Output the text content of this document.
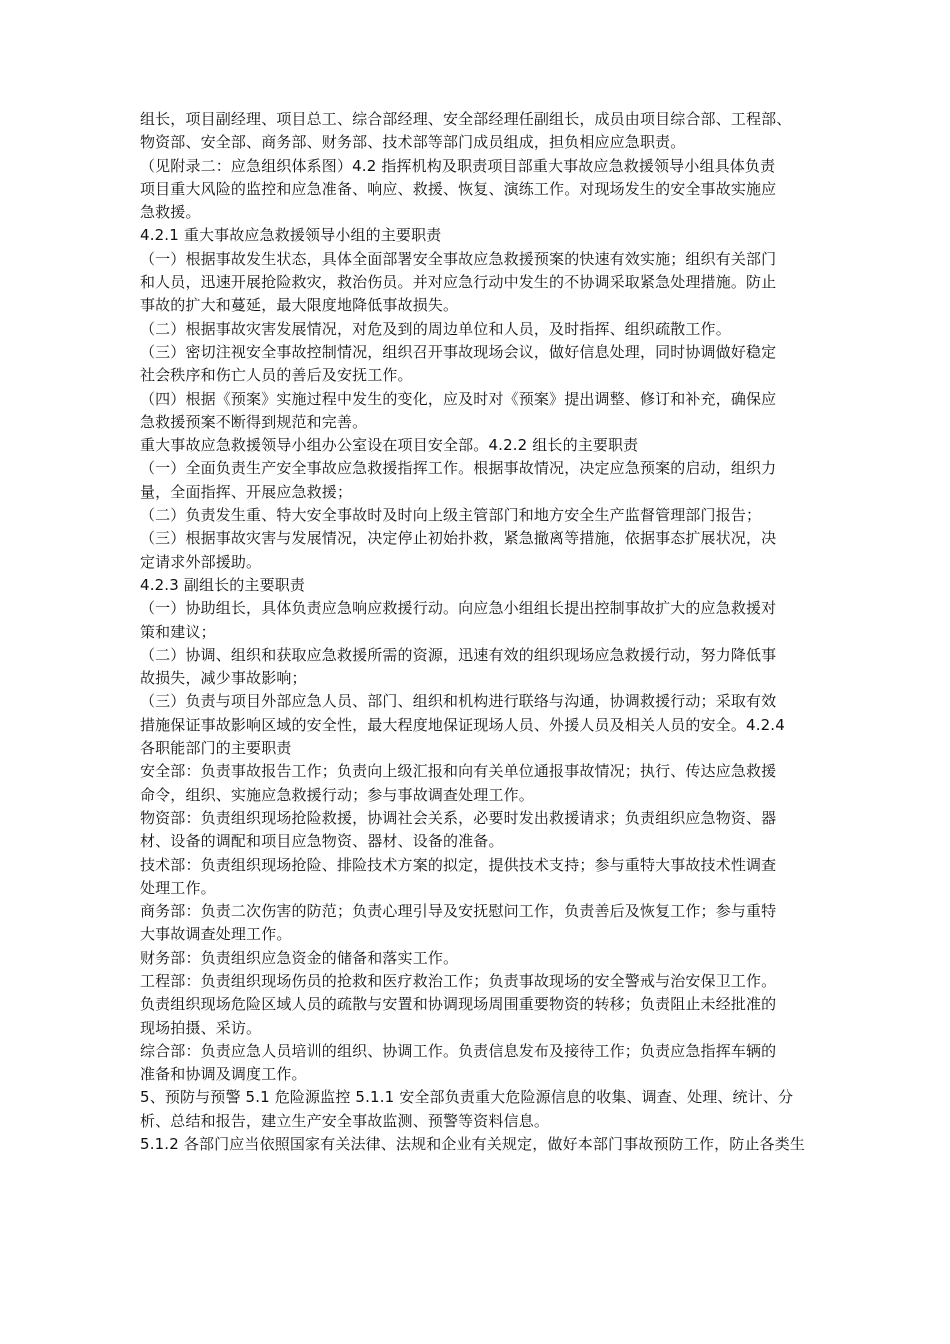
组长，项目副经理、项目总工、综合部经理、安全部经理任副组长，成员由项目综合部、工程部、

物资部、安全部、商务部、财务部、技术部等部门成员组成，担负相应应急职责。

（见附录二：应急组织体系图）4.2 指挥机构及职责项目部重大事故应急救援领导小组具体负责

项目重大风险的监控和应急准备、响应、救援、恢复、演练工作。对现场发生的安全事故实施应

急救援。

4.2.1 重大事故应急救援领导小组的主要职责

（一）根据事故发生状态，具体全面部署安全事故应急救援预案的快速有效实施；组织有关部门

和人员，迅速开展抢险救灾，救治伤员。并对应急行动中发生的不协调采取紧急处理措施。防止

事故的扩大和蔓延，最大限度地降低事故损失。

（二）根据事故灾害发展情况，对危及到的周边单位和人员，及时指挥、组织疏散工作。

（三）密切注视安全事故控制情况，组织召开事故现场会议，做好信息处理，同时协调做好稳定

社会秩序和伤亡人员的善后及安抚工作。

（四）根据《预案》实施过程中发生的变化，应及时对《预案》提出调整、修订和补充，确保应

急救援预案不断得到规范和完善。

重大事故应急救援领导小组办公室设在项目安全部。4.2.2 组长的主要职责

（一）全面负责生产安全事故应急救援指挥工作。根据事故情况，决定应急预案的启动，组织力

量，全面指挥、开展应急救援；

（二）负责发生重、特大安全事故时及时向上级主管部门和地方安全生产监督管理部门报告；

（三）根据事故灾害与发展情况，决定停止初始扑救，紧急撤离等措施，依据事态扩展状况，决

定请求外部援助。

4.2.3 副组长的主要职责

（一）协助组长，具体负责应急响应救援行动。向应急小组组长提出控制事故扩大的应急救援对

策和建议；

（二）协调、组织和获取应急救援所需的资源，迅速有效的组织现场应急救援行动，努力降低事

故损失，减少事故影响；

（三）负责与项目外部应急人员、部门、组织和机构进行联络与沟通，协调救援行动；采取有效

措施保证事故影响区域的安全性，最大程度地保证现场人员、外援人员及相关人员的安全。4.2.4

各职能部门的主要职责

安全部：负责事故报告工作；负责向上级汇报和向有关单位通报事故情况；执行、传达应急救援

命令，组织、实施应急救援行动；参与事故调查处理工作。

物资部：负责组织现场抢险救援，协调社会关系，必要时发出救援请求；负责组织应急物资、器

材、设备的调配和项目应急物资、器材、设备的准备。

技术部：负责组织现场抢险、排险技术方案的拟定，提供技术支持；参与重特大事故技术性调查

处理工作。

商务部：负责二次伤害的防范；负责心理引导及安抚慰问工作，负责善后及恢复工作；参与重特

大事故调查处理工作。

财务部：负责组织应急资金的储备和落实工作。

工程部：负责组织现场伤员的抢救和医疗救治工作；负责事故现场的安全警戒与治安保卫工作。

负责组织现场危险区域人员的疏散与安置和协调现场周围重要物资的转移；负责阻止未经批准的

现场拍摄、采访。

综合部：负责应急人员培训的组织、协调工作。负责信息发布及接待工作；负责应急指挥车辆的

准备和协调及调度工作。

5、预防与预警 5.1 危险源监控 5.1.1 安全部负责重大危险源信息的收集、调查、处理、统计、分

析、总结和报告，建立生产安全事故监测、预警等资料信息。

5.1.2 各部门应当依照国家有关法律、法规和企业有关规定，做好本部门事故预防工作，防止各类生
